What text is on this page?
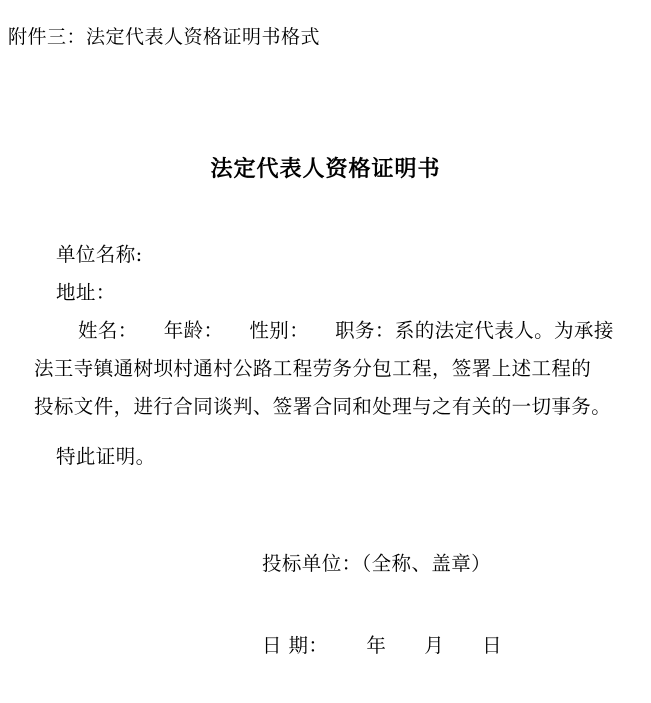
附件三：法定代表人资格证明书格式
法定代表人资格证明书
单位名称:
地址：
姓名： 年龄： 性别： 职务：系的法定代表人。为承接
法王寺镇通树坝村通村公路工程劳务分包工程，签署上述工程的
投标文件，进行合同谈判、签署合同和处理与之有关的一切事务。
特此证明。
投标单位：（全称、盖章）
日 期： 年 月 日
